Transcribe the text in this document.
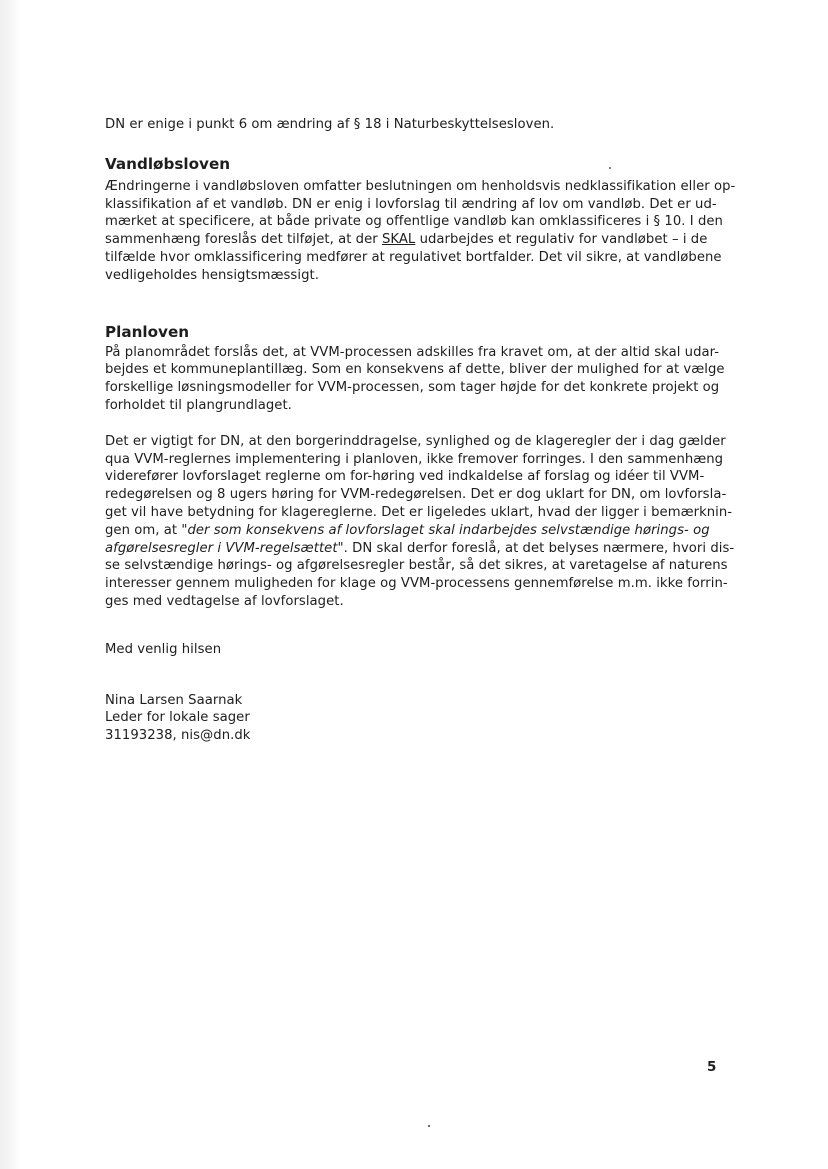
DN er enige i punkt 6 om ændring af § 18 i Naturbeskyttelsesloven.

Vandløbsloven

Ændringerne i vandløbsloven omfatter beslutningen om henholdsvis nedklassifikation eller op-
klassifikation af et vandløb. DN er enig i lovforslag til ændring af lov om vandløb. Det er ud-
mærket at specificere, at både private og offentlige vandløb kan omklassificeres i § 10. I den
sammenhæng foreslås det tilføjet, at der SKAL udarbejdes et regulativ for vandløbet – i de
tilfælde hvor omklassificering medfører at regulativet bortfalder. Det vil sikre, at vandløbene
vedligeholdes hensigtsmæssigt.

Planloven

På planområdet forslås det, at VVM-processen adskilles fra kravet om, at der altid skal udar-
bejdes et kommuneplantillæg. Som en konsekvens af dette, bliver der mulighed for at vælge
forskellige løsningsmodeller for VVM-processen, som tager højde for det konkrete projekt og
forholdet til plangrundlaget.

Det er vigtigt for DN, at den borgerinddragelse, synlighed og de klageregler der i dag gælder
qua VVM-reglernes implementering i planloven, ikke fremover forringes. I den sammenhæng
viderefører lovforslaget reglerne om for-høring ved indkaldelse af forslag og idéer til VVM-
redegørelsen og 8 ugers høring for VVM-redegørelsen. Det er dog uklart for DN, om lovforsla-
get vil have betydning for klagereglerne. Det er ligeledes uklart, hvad der ligger i bemærknin-
gen om, at "der som konsekvens af lovforslaget skal indarbejdes selvstændige hørings- og
afgørelsesregler i VVM-regelsættet". DN skal derfor foreslå, at det belyses nærmere, hvori dis-
se selvstændige hørings- og afgørelsesregler består, så det sikres, at varetagelse af naturens
interesser gennem muligheden for klage og VVM-processens gennemførelse m.m. ikke forrin-
ges med vedtagelse af lovforslaget.

Med venlig hilsen

Nina Larsen Saarnak
Leder for lokale sager
31193238, nis@dn.dk

5
